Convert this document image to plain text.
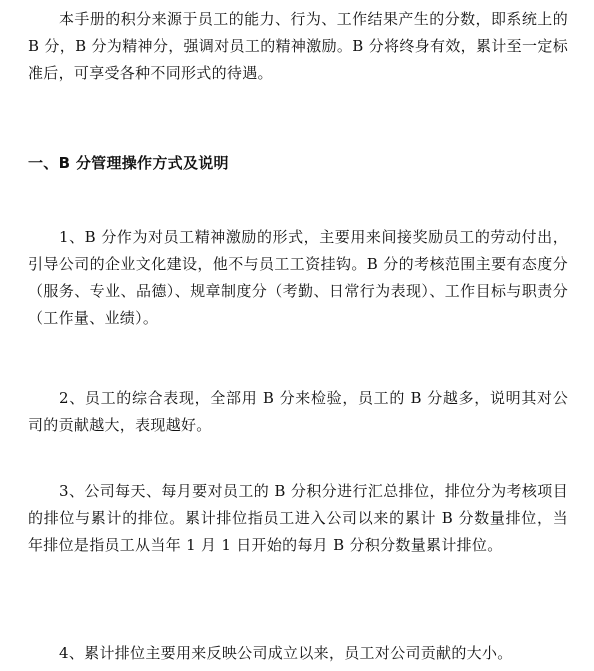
本手册的积分来源于员工的能力、行为、工作结果产生的分数，即系统上的 B 分，B 分为精神分，强调对员工的精神激励。B 分将终身有效，累计至一定标准后，可享受各种不同形式的待遇。

一、B 分管理操作方式及说明

1、B 分作为对员工精神激励的形式，主要用来间接奖励员工的劳动付出，引导公司的企业文化建设，他不与员工工资挂钩。B 分的考核范围主要有态度分（服务、专业、品德）、规章制度分（考勤、日常行为表现）、工作目标与职责分（工作量、业绩）。

2、员工的综合表现，全部用 B 分来检验，员工的 B 分越多，说明其对公司的贡献越大，表现越好。

3、公司每天、每月要对员工的 B 分积分进行汇总排位，排位分为考核项目的排位与累计的排位。累计排位指员工进入公司以来的累计 B 分数量排位，当年排位是指员工从当年 1 月 1 日开始的每月 B 分积分数量累计排位。

4、累计排位主要用来反映公司成立以来，员工对公司贡献的大小。
